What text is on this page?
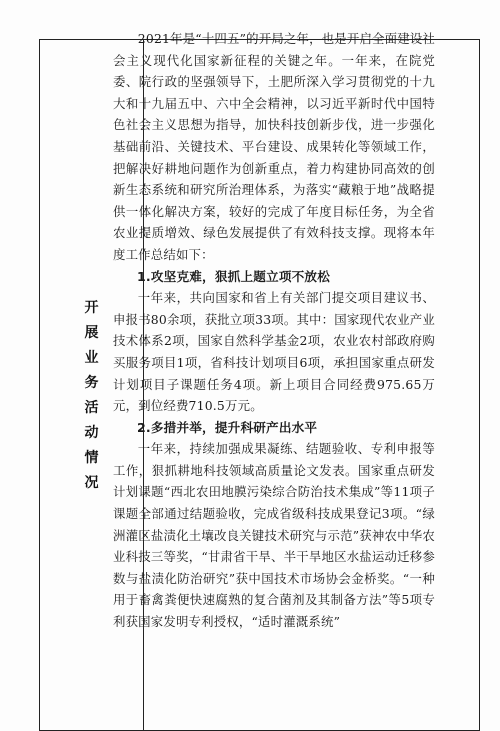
开
展
业
务
活
动
情
况

2021年是“十四五”的开局之年，也是开启全面建设社会主义现代化国家新征程的关键之年。一年来，在院党委、院行政的坚强领导下，土肥所深入学习贯彻党的十九大和十九届五中、六中全会精神，以习近平新时代中国特色社会主义思想为指导，加快科技创新步伐，进一步强化基础前沿、关键技术、平台建设、成果转化等领域工作，把解决好耕地问题作为创新重点，着力构建协同高效的创新生态系统和研究所治理体系，为落实“藏粮于地”战略提供一体化解决方案，较好的完成了年度目标任务，为全省农业提质增效、绿色发展提供了有效科技支撑。现将本年度工作总结如下：

1.攻坚克难，狠抓上题立项不放松

一年来，共向国家和省上有关部门提交项目建议书、申报书80余项，获批立项33项。其中：国家现代农业产业技术体系2项，国家自然科学基金2项，农业农村部政府购买服务项目1项，省科技计划项目6项，承担国家重点研发计划项目子课题任务4项。新上项目合同经费975.65万元，到位经费710.5万元。

2.多措并举，提升科研产出水平

一年来，持续加强成果凝练、结题验收、专利申报等工作，狠抓耕地科技领域高质量论文发表。国家重点研发计划课题“西北农田地膜污染综合防治技术集成”等11项子课题全部通过结题验收，完成省级科技成果登记3项。“绿洲灌区盐渍化土壤改良关键技术研究与示范”获神农中华农业科技三等奖，“甘肃省干旱、半干旱地区水盐运动迁移参数与盐渍化防治研究”获中国技术市场协会金桥奖。“一种用于畜禽粪便快速腐熟的复合菌剂及其制备方法”等5项专利获国家发明专利授权，“适时灌溉系统”
